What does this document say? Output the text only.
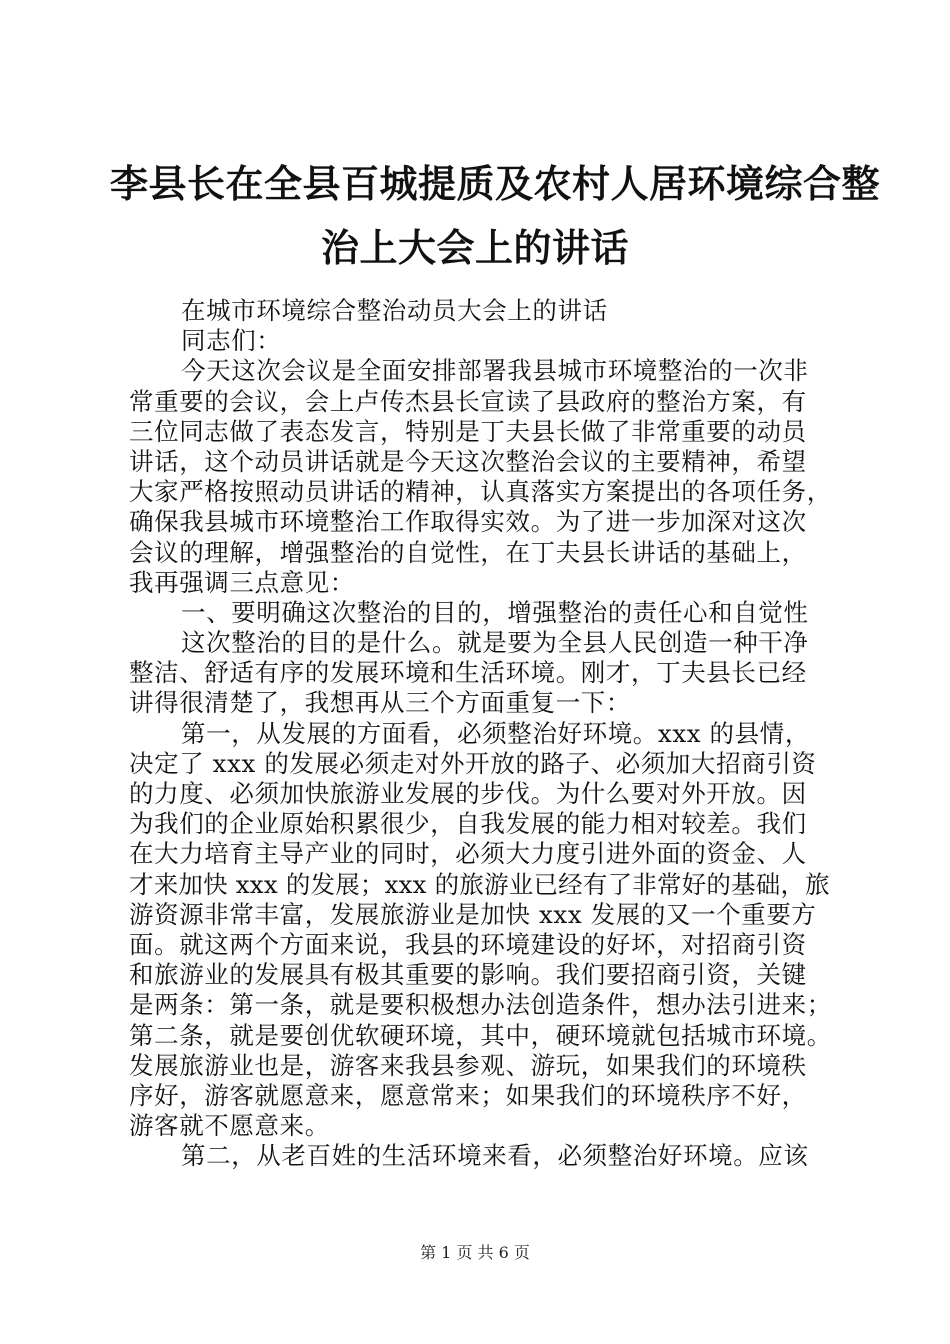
李县长在全县百城提质及农村人居环境综合整
治上大会上的讲话
在城市环境综合整治动员大会上的讲话
同志们：
今天这次会议是全面安排部署我县城市环境整治的一次非
常重要的会议，会上卢传杰县长宣读了县政府的整治方案，有
三位同志做了表态发言，特别是丁夫县长做了非常重要的动员
讲话，这个动员讲话就是今天这次整治会议的主要精神，希望
大家严格按照动员讲话的精神，认真落实方案提出的各项任务，
确保我县城市环境整治工作取得实效。为了进一步加深对这次
会议的理解，增强整治的自觉性，在丁夫县长讲话的基础上，
我再强调三点意见：
一、要明确这次整治的目的，增强整治的责任心和自觉性
这次整治的目的是什么。就是要为全县人民创造一种干净
整洁、舒适有序的发展环境和生活环境。刚才，丁夫县长已经
讲得很清楚了，我想再从三个方面重复一下：
第一，从发展的方面看，必须整治好环境。xxx 的县情，
决定了 xxx 的发展必须走对外开放的路子、必须加大招商引资
的力度、必须加快旅游业发展的步伐。为什么要对外开放。因
为我们的企业原始积累很少，自我发展的能力相对较差。我们
在大力培育主导产业的同时，必须大力度引进外面的资金、人
才来加快 xxx 的发展；xxx 的旅游业已经有了非常好的基础，旅
游资源非常丰富，发展旅游业是加快 xxx 发展的又一个重要方
面。就这两个方面来说，我县的环境建设的好坏，对招商引资
和旅游业的发展具有极其重要的影响。我们要招商引资，关键
是两条：第一条，就是要积极想办法创造条件，想办法引进来；
第二条，就是要创优软硬环境，其中，硬环境就包括城市环境。
发展旅游业也是，游客来我县参观、游玩，如果我们的环境秩
序好，游客就愿意来，愿意常来；如果我们的环境秩序不好，
游客就不愿意来。
第二，从老百姓的生活环境来看，必须整治好环境。应该
第 1 页 共 6 页
